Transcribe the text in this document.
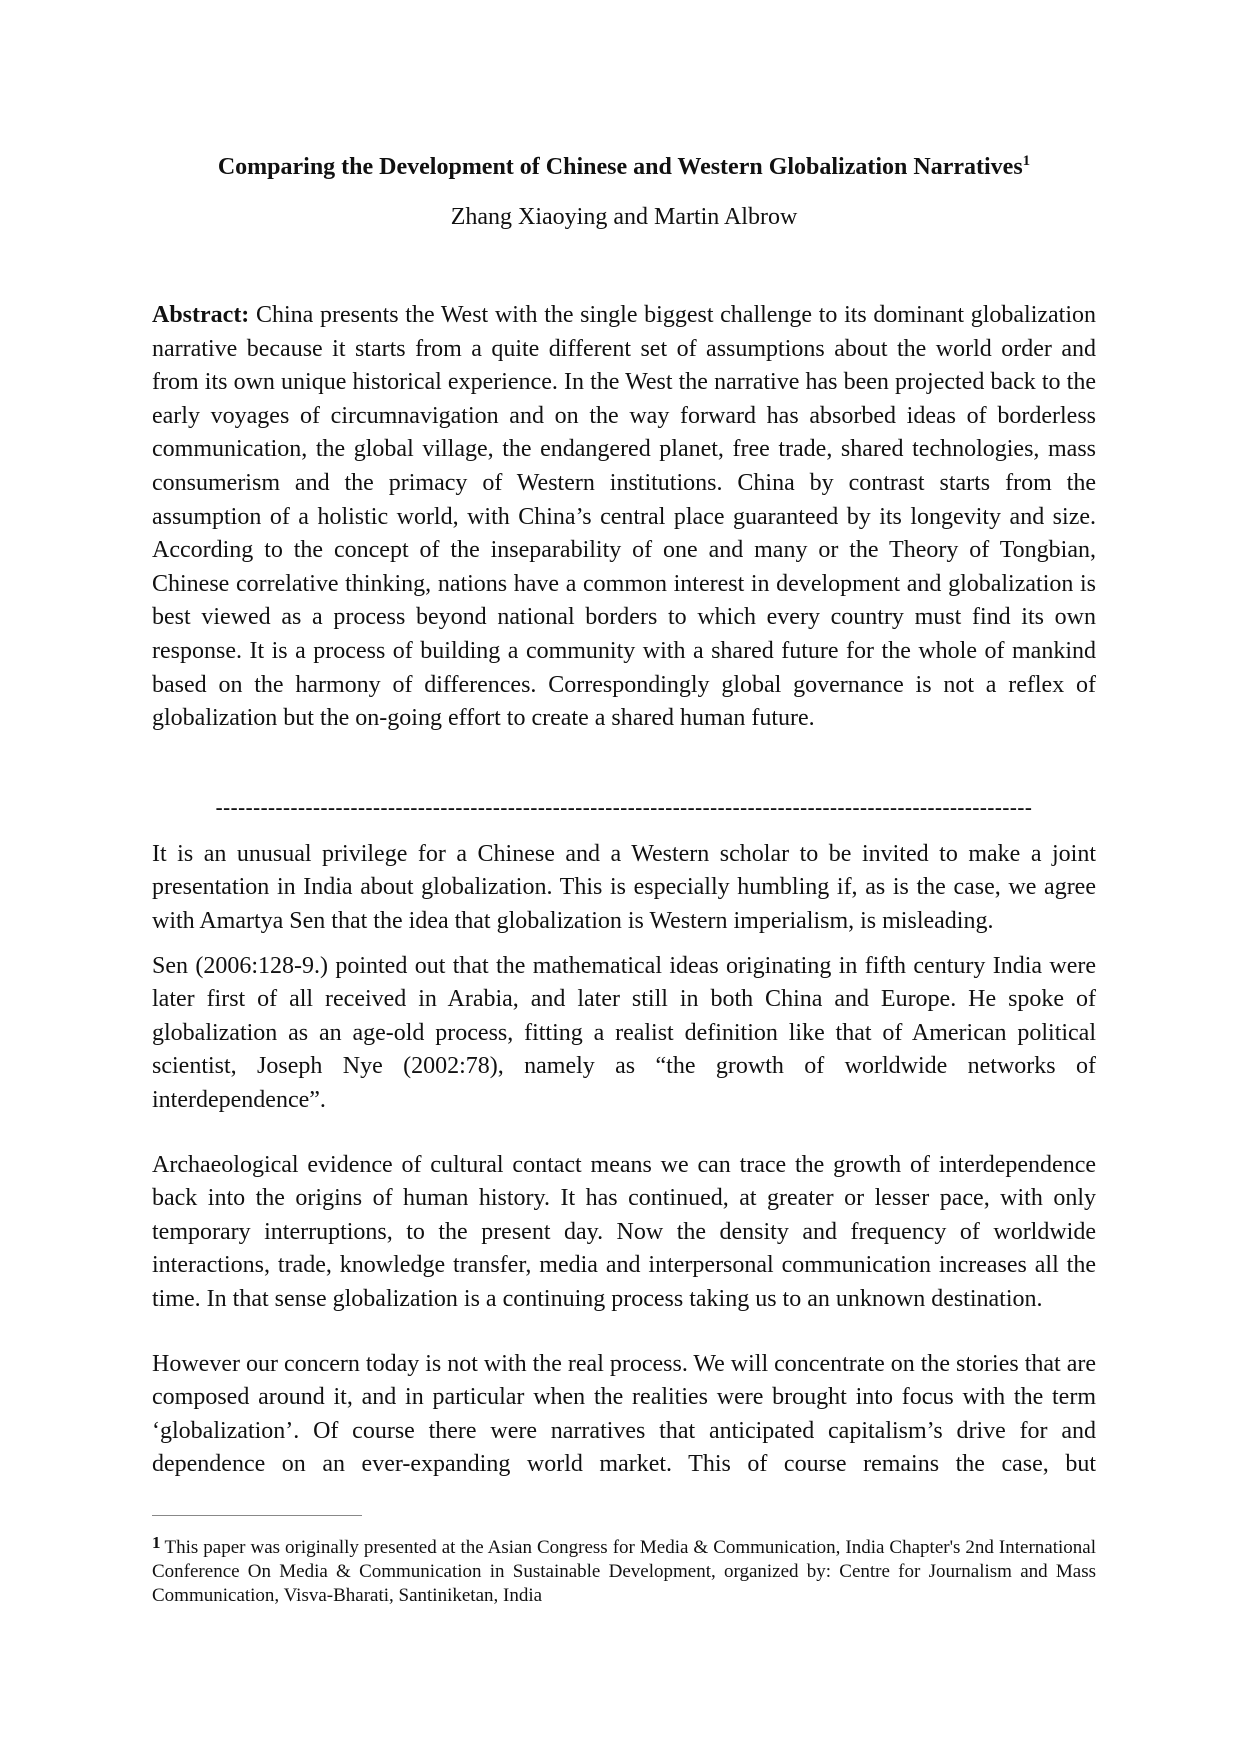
Comparing the Development of Chinese and Western Globalization Narratives$^1$
Zhang Xiaoying and Martin Albrow

Abstract: China presents the West with the single biggest challenge to its dominant globalization narrative because it starts from a quite different set of assumptions about the world order and from its own unique historical experience. In the West the narrative has been projected back to the early voyages of circumnavigation and on the way forward has absorbed ideas of borderless communication, the global village, the endangered planet, free trade, shared technologies, mass consumerism and the primacy of Western institutions. China by contrast starts from the assumption of a holistic world, with China’s central place guaranteed by its longevity and size. According to the concept of the inseparability of one and many or the Theory of Tongbian, Chinese correlative thinking, nations have a common interest in development and globalization is best viewed as a process beyond national borders to which every country must find its own response. It is a process of building a community with a shared future for the whole of mankind based on the harmony of differences. Correspondingly global governance is not a reflex of globalization but the on-going effort to create a shared human future.

-------------------------------------------------------------------------------------------------------------

It is an unusual privilege for a Chinese and a Western scholar to be invited to make a joint presentation in India about globalization. This is especially humbling if, as is the case, we agree with Amartya Sen that the idea that globalization is Western imperialism, is misleading.

Sen (2006:128-9.) pointed out that the mathematical ideas originating in fifth century India were later first of all received in Arabia, and later still in both China and Europe. He spoke of globalization as an age-old process, fitting a realist definition like that of American political scientist, Joseph Nye (2002:78), namely as “the growth of worldwide networks of interdependence”.

Archaeological evidence of cultural contact means we can trace the growth of interdependence back into the origins of human history. It has continued, at greater or lesser pace, with only temporary interruptions, to the present day. Now the density and frequency of worldwide interactions, trade, knowledge transfer, media and interpersonal communication increases all the time. In that sense globalization is a continuing process taking us to an unknown destination.

However our concern today is not with the real process. We will concentrate on the stories that are composed around it, and in particular when the realities were brought into focus with the term ‘globalization’. Of course there were narratives that anticipated capitalism’s drive for and dependence on an ever-expanding world market. This of course remains the case, but

1 This paper was originally presented at the Asian Congress for Media & Communication, India Chapter's 2nd International Conference On Media & Communication in Sustainable Development, organized by: Centre for Journalism and Mass Communication, Visva-Bharati, Santiniketan, India
